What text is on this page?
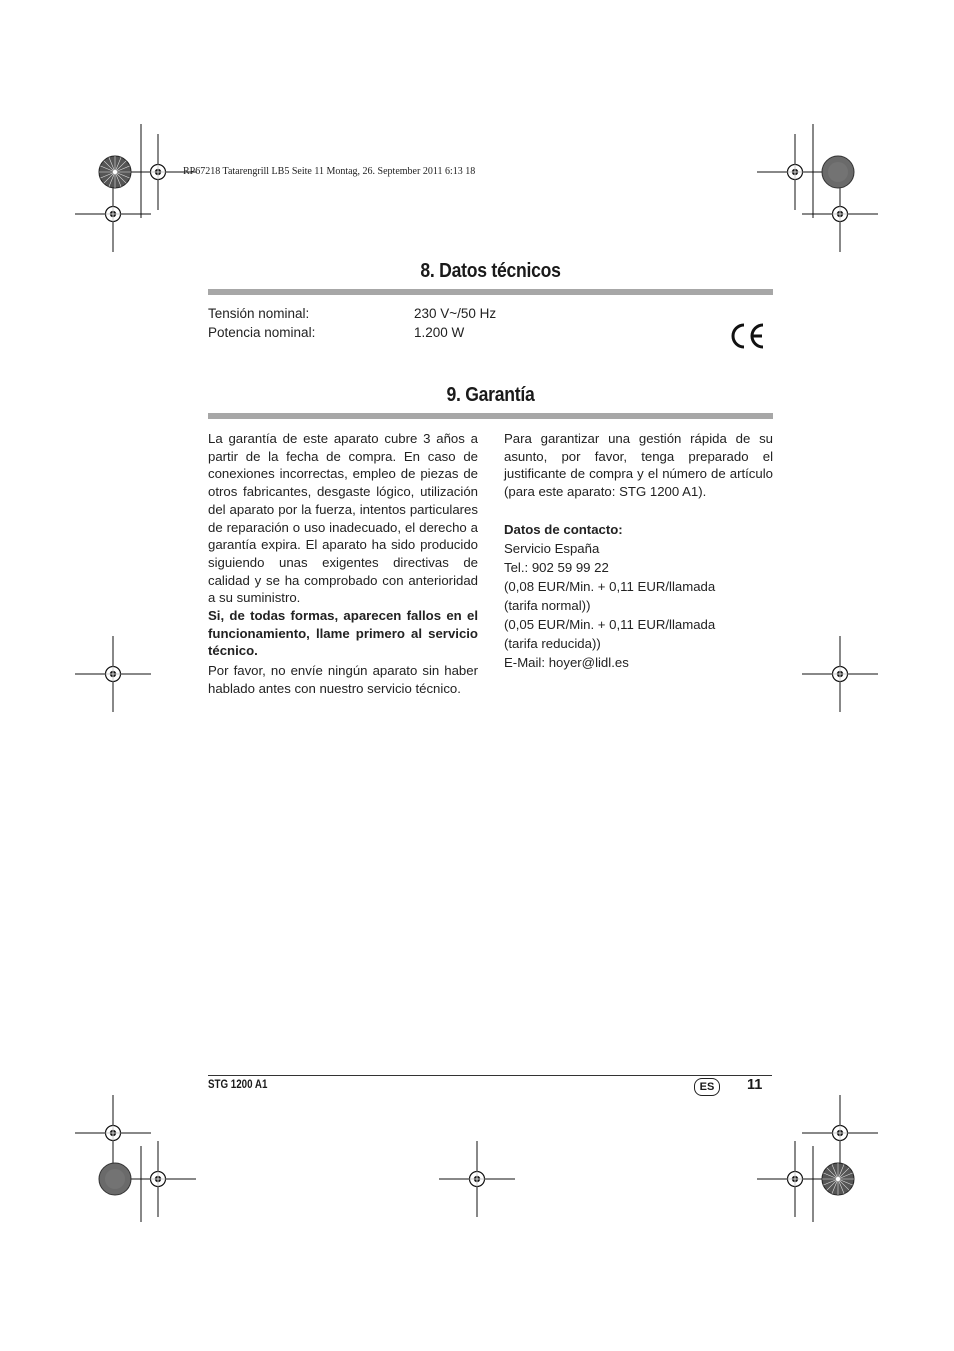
RP67218 Tatarengrill LB5 Seite 11 Montag, 26. September 2011 6:13 18
8. Datos técnicos
Tensión nominal:	230 V~/50 Hz
Potencia nominal:	1.200 W
9. Garantía

La garantía de este aparato cubre 3 años a partir de la fecha de compra. En caso de conexiones incorrectas, empleo de piezas de otros fabricantes, desgaste lógico, utilización del aparato por la fuerza, intentos particulares de reparación o uso inadecuado, el derecho a garantía expira. El aparato ha sido producido siguiendo unas exigentes directivas de calidad y se ha comprobado con anterioridad a su suministro.

Si, de todas formas, aparecen fallos en el funcionamiento, llame primero al servicio técnico.

Por favor, no envíe ningún aparato sin haber hablado antes con nuestro servicio técnico.

Para garantizar una gestión rápida de su asunto, por favor, tenga preparado el justificante de compra y el número de artículo (para este aparato: STG 1200 A1).

Datos de contacto:
Servicio España
Tel.: 902 59 99 22
(0,08 EUR/Min. + 0,11 EUR/llamada
(tarifa normal))
(0,05 EUR/Min. + 0,11 EUR/llamada
(tarifa reducida))
E-Mail: hoyer@lidl.es
STG 1200 A1	ES	11
